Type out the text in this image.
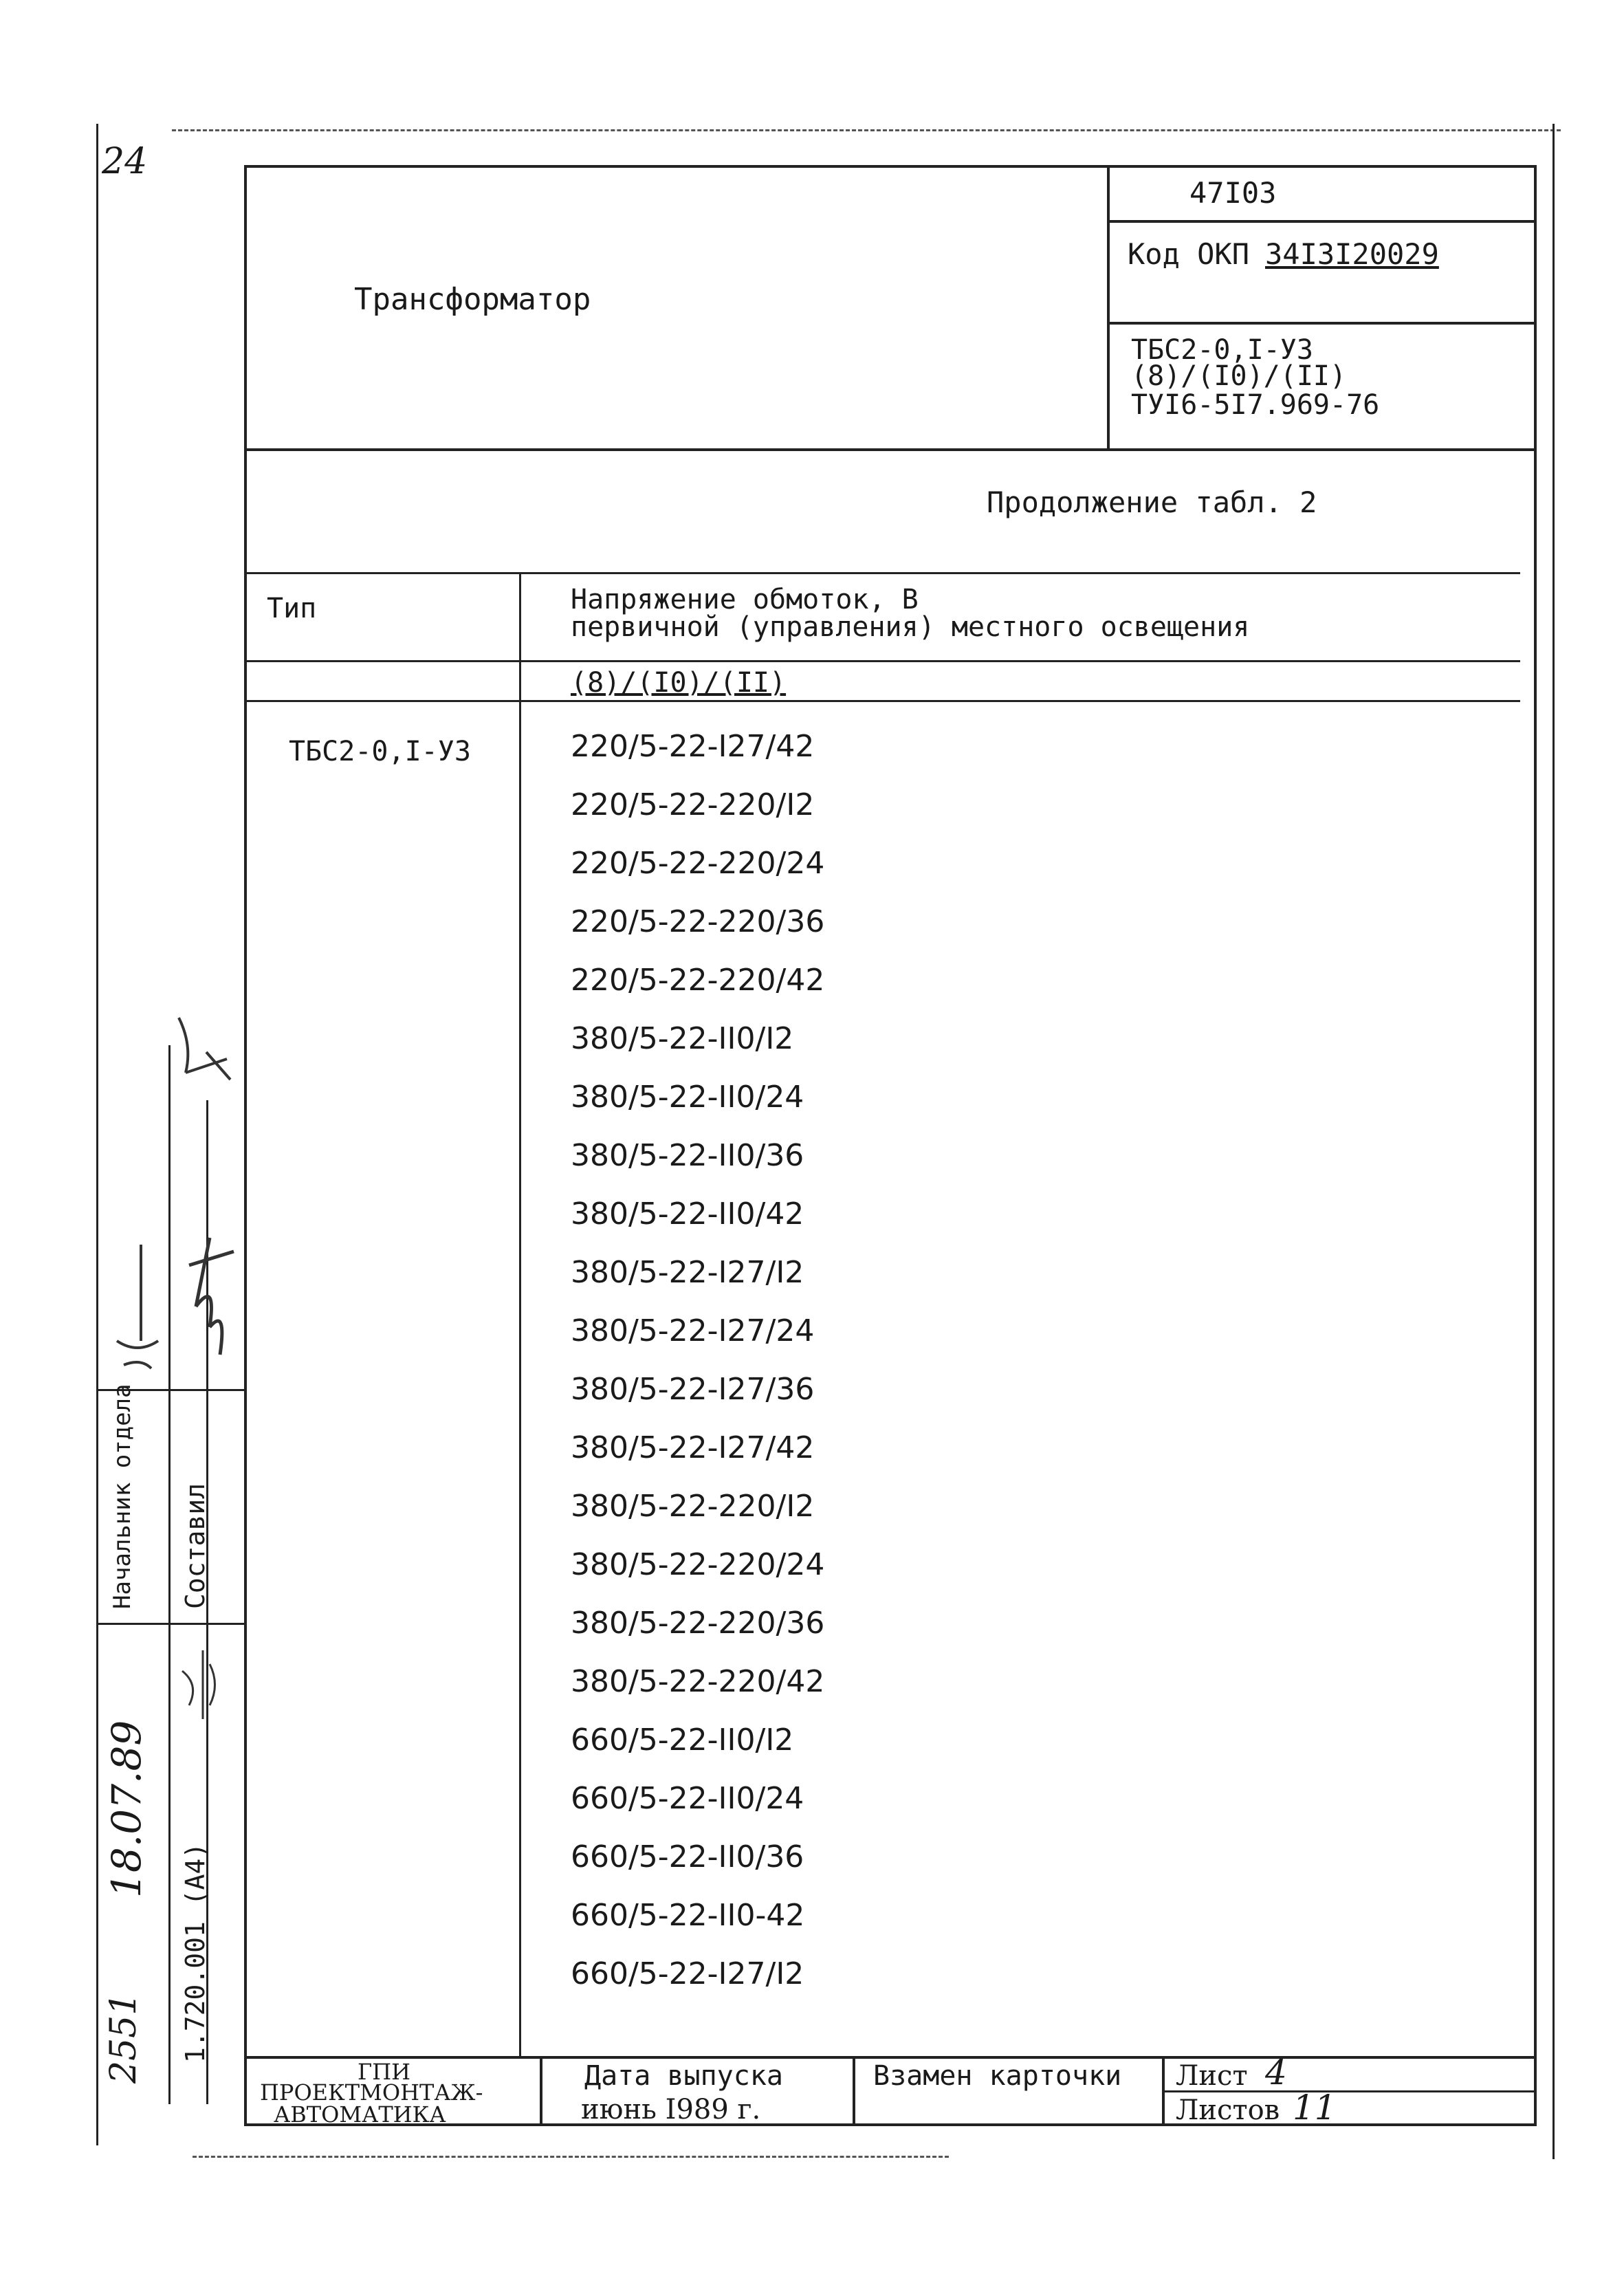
24
Трансформатор
47I03
Код ОКП 34I3I20029
ТБС2-0,I-У3
(8)/(I0)/(II)
ТУI6-5I7.969-76
Продолжение табл. 2
Тип	Напряжение обмоток, В
первичной (управления) местного освещения
(8)/(I0)/(II)
ТБС2-0,I-У3	220/5-22-I27/42
220/5-22-220/I2
220/5-22-220/24
220/5-22-220/36
220/5-22-220/42
380/5-22-II0/I2
380/5-22-II0/24
380/5-22-II0/36
380/5-22-II0/42
380/5-22-I27/I2
380/5-22-I27/24
380/5-22-I27/36
380/5-22-I27/42
380/5-22-220/I2
380/5-22-220/24
380/5-22-220/36
380/5-22-220/42
660/5-22-II0/I2
660/5-22-II0/24
660/5-22-II0/36
660/5-22-II0-42
660/5-22-I27/I2
ГПИ
ПРОЕКТМОНТАЖ-
АВТОМАТИКА
Дата выпуска
июнь I989 г.
Взамен карточки Лист 4
Листов 11
Начальник отдела Составил
18.07.89
1.720.001 (А4)
2551
